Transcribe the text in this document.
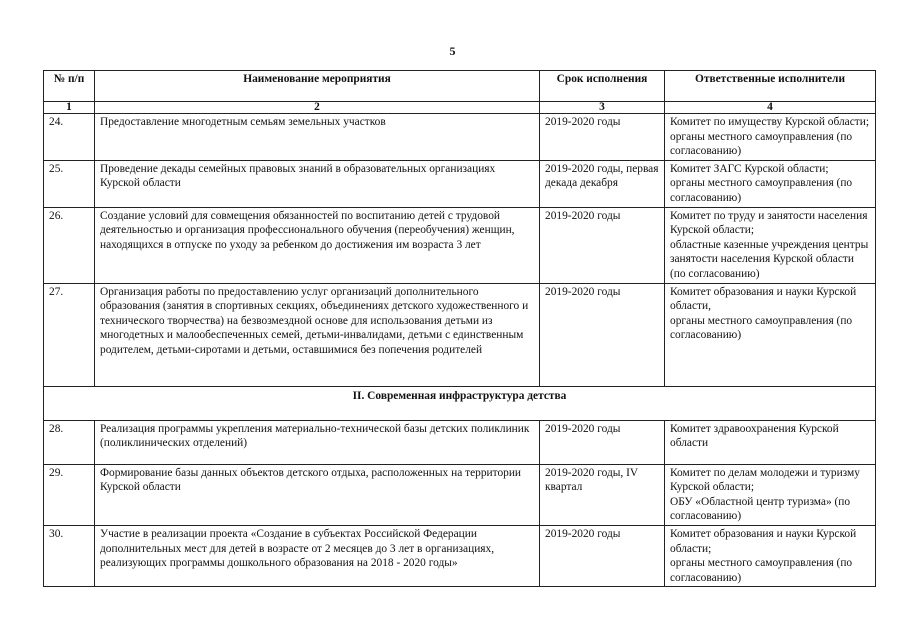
5
№ п/п	Наименование мероприятия	Срок исполнения	Ответственные исполнители
1	2	3	4
24.	Предоставление многодетным семьям земельных участков	2019-2020 годы	Комитет по имуществу Курской области;
органы местного самоуправления (по согласованию)

25.	Проведение декады семейных правовых знаний в образовательных организациях Курской области	2019-2020 годы, первая декада декабря	Комитет ЗАГС Курской области;
органы местного самоуправления (по согласованию)

26.	Создание условий для совмещения обязанностей по воспитанию детей с трудовой деятельностью и организация профессионального обучения (переобучения) женщин, находящихся в отпуске по уходу за ребенком до достижения им возраста 3 лет	2019-2020 годы	Комитет по труду и занятости населения Курской области;
областные казенные учреждения центры занятости населения Курской области (по согласованию)

27.	Организация работы по предоставлению услуг организаций дополнительного образования (занятия в спортивных секциях, объединениях детского художественного и технического творчества) на безвозмездной основе для использования детьми из многодетных и малообеспеченных семей, детьми-инвалидами, детьми с единственным родителем, детьми-сиротами и детьми, оставшимися без попечения родителей	2019-2020 годы	Комитет образования и науки Курской области,
органы местного самоуправления (по согласованию)

II. Современная инфраструктура детства			
28.	Реализация программы укрепления материально-технической базы детских поликлиник (поликлинических отделений)	2019-2020 годы	Комитет здравоохранения Курской области

29.	Формирование базы данных объектов детского отдыха, расположенных на территории Курской области	2019-2020 годы, IV квартал	Комитет по делам молодежи и туризму Курской области;
ОБУ «Областной центр туризма» (по согласованию)

30.	Участие в реализации проекта «Создание в субъектах Российской Федерации дополнительных мест для детей в возрасте от 2 месяцев до 3 лет в организациях, реализующих программы дошкольного образования на 2018 - 2020 годы»	2019-2020 годы	Комитет образования и науки Курской области;
органы местного самоуправления (по согласованию)
